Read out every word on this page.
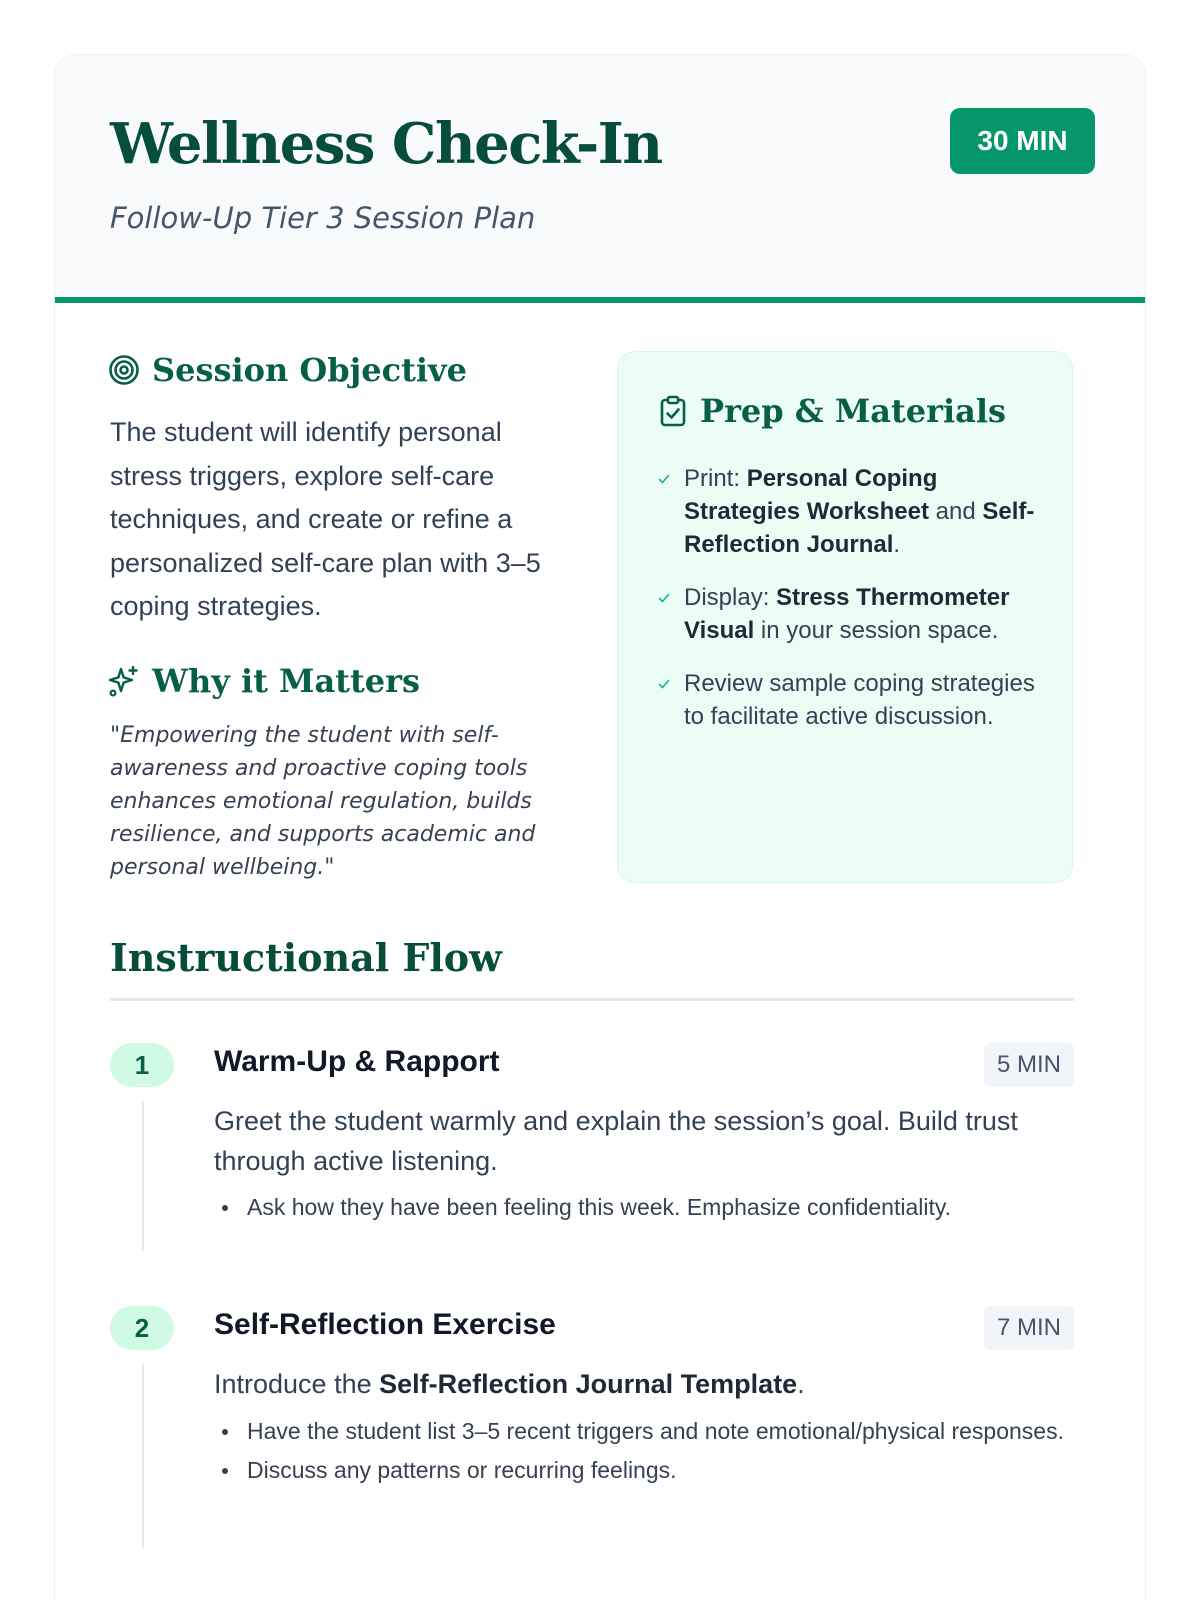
Wellness Check-In
Follow-Up Tier 3 Session Plan
30 MIN
Session Objective

The student will identify personal stress triggers, explore self-care techniques, and create or refine a personalized self-care plan with 3–5 coping strategies.

Why it Matters

"Empowering the student with self-awareness and proactive coping tools enhances emotional regulation, builds resilience, and supports academic and personal wellbeing."

Prep & Materials
Print: Personal Coping Strategies Worksheet and Self-Reflection Journal.
Display: Stress Thermometer Visual in your session space.
Review sample coping strategies to facilitate active discussion.
Instructional Flow
1	Warm-Up & Rapport	5 MIN

Greet the student warmly and explain the session’s goal. Build trust through active listening.

Ask how they have been feeling this week. Emphasize confidentiality.
2	Self-Reflection Exercise	7 MIN

Introduce the Self-Reflection Journal Template.

Have the student list 3–5 recent triggers and note emotional/physical responses.
Discuss any patterns or recurring feelings.
